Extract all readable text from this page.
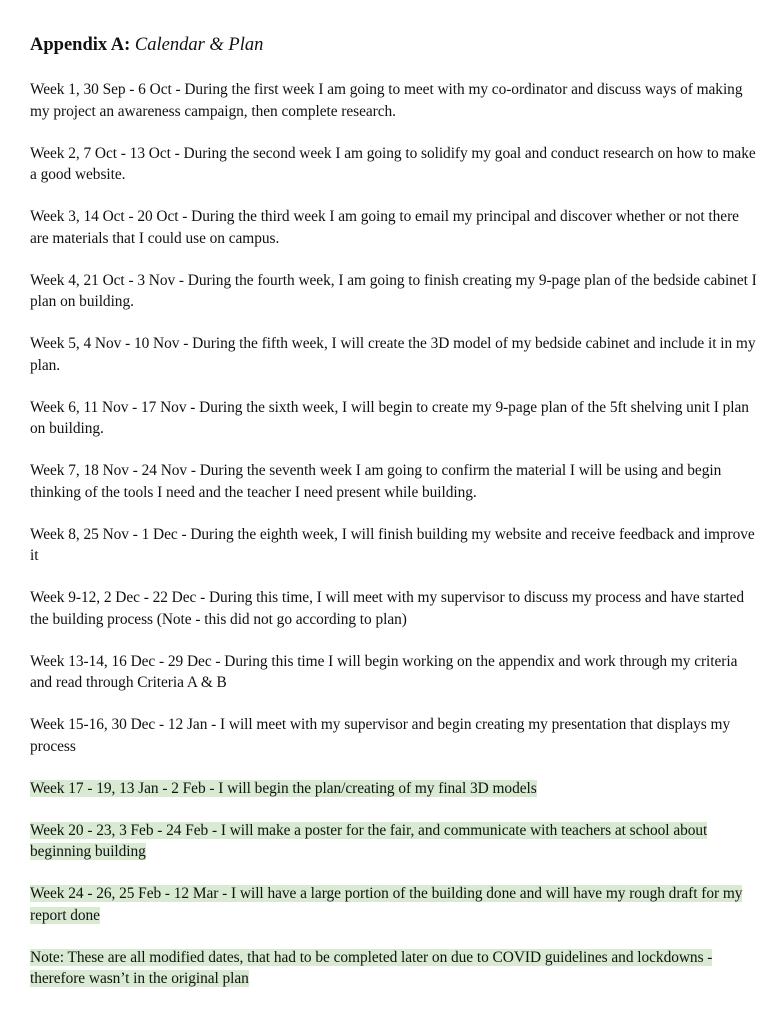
Appendix A: Calendar & Plan
Week 1, 30 Sep - 6 Oct - During the first week I am going to meet with my co-ordinator and discuss ways of making my project an awareness campaign, then complete research.
Week 2, 7 Oct - 13 Oct - During the second week I am going to solidify my goal and conduct research on how to make a good website.
Week 3, 14 Oct - 20 Oct - During the third week I am going to email my principal and discover whether or not there are materials that I could use on campus.
Week 4, 21 Oct - 3 Nov - During the fourth week, I am going to finish creating my 9-page plan of the bedside cabinet I plan on building.
Week 5, 4 Nov - 10 Nov - During the fifth week, I will create the 3D model of my bedside cabinet and include it in my plan.
Week 6, 11 Nov - 17 Nov - During the sixth week, I will begin to create my 9-page plan of the 5ft shelving unit I plan on building.
Week 7, 18 Nov - 24 Nov - During the seventh week I am going to confirm the material I will be using and begin thinking of the tools I need and the teacher I need present while building.
Week 8, 25 Nov - 1 Dec - During the eighth week, I will finish building my website and receive feedback and improve it
Week 9-12, 2 Dec - 22 Dec - During this time, I will meet with my supervisor to discuss my process and have started the building process (Note - this did not go according to plan)
Week 13-14, 16 Dec - 29 Dec - During this time I will begin working on the appendix and work through my criteria and read through Criteria A & B
Week 15-16, 30 Dec - 12 Jan - I will meet with my supervisor and begin creating my presentation that displays my process
Week 17 - 19, 13 Jan - 2 Feb - I will begin the plan/creating of my final 3D models
Week 20 - 23, 3 Feb - 24 Feb - I will make a poster for the fair, and communicate with teachers at school about beginning building
Week 24 - 26, 25 Feb - 12 Mar - I will have a large portion of the building done and will have my rough draft for my report done
Note: These are all modified dates, that had to be completed later on due to COVID guidelines and lockdowns - therefore wasn’t in the original plan
